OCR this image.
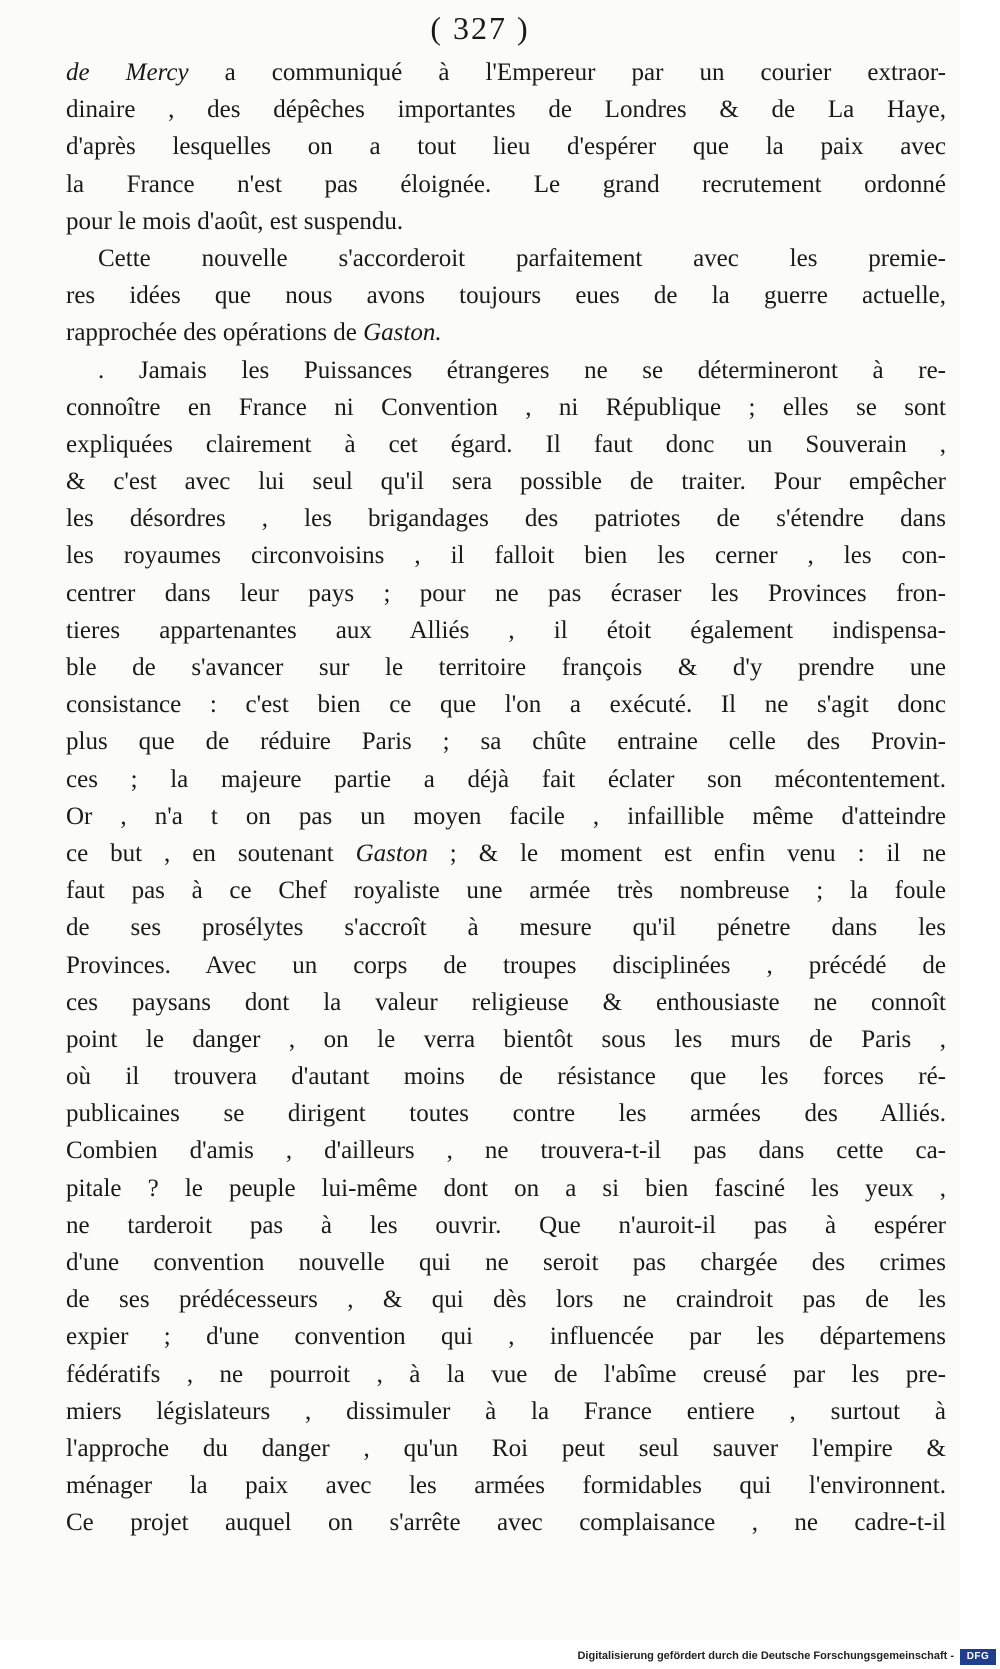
( 327 )
de Mercy a communiqué à l'Empereur par un courier extraor-
dinaire , des dépêches importantes de Londres & de La Haye,
d'après lesquelles on a tout lieu d'espérer que la paix avec
la France n'est pas éloignée. Le grand recrutement ordonné
pour le mois d'août, est suspendu.
Cette nouvelle s'accorderoit parfaitement avec les premie-
res idées que nous avons toujours eues de la guerre actuelle,
rapprochée des opérations de Gaston.
. Jamais les Puissances étrangeres ne se détermineront à re-
connoître en France ni Convention , ni République ; elles se sont
expliquées clairement à cet égard. Il faut donc un Souverain ,
& c'est avec lui seul qu'il sera possible de traiter. Pour empêcher
les désordres , les brigandages des patriotes de s'étendre dans
les royaumes circonvoisins , il falloit bien les cerner , les con-
centrer dans leur pays ; pour ne pas écraser les Provinces fron-
tieres appartenantes aux Alliés , il étoit également indispensa-
ble de s'avancer sur le territoire françois & d'y prendre une
consistance : c'est bien ce que l'on a exécuté. Il ne s'agit donc
plus que de réduire Paris ; sa chûte entraine celle des Provin-
ces ; la majeure partie a déjà fait éclater son mécontentement.
Or , n'a t on pas un moyen facile , infaillible même d'atteindre
ce but , en soutenant Gaston ; & le moment est enfin venu : il ne
faut pas à ce Chef royaliste une armée très nombreuse ; la foule
de ses prosélytes s'accroît à mesure qu'il pénetre dans les
Provinces. Avec un corps de troupes disciplinées , précédé de
ces paysans dont la valeur religieuse & enthousiaste ne connoît
point le danger , on le verra bientôt sous les murs de Paris ,
où il trouvera d'autant moins de résistance que les forces ré-
publicaines se dirigent toutes contre les armées des Alliés.
Combien d'amis , d'ailleurs , ne trouvera-t-il pas dans cette ca-
pitale ? le peuple lui-même dont on a si bien fasciné les yeux ,
ne tarderoit pas à les ouvrir. Que n'auroit-il pas à espérer
d'une convention nouvelle qui ne seroit pas chargée des crimes
de ses prédécesseurs , & qui dès lors ne craindroit pas de les
expier ; d'une convention qui , influencée par les départemens
fédératifs , ne pourroit , à la vue de l'abîme creusé par les pre-
miers législateurs , dissimuler à la France entiere , surtout à
l'approche du danger , qu'un Roi peut seul sauver l'empire &
ménager la paix avec les armées formidables qui l'environnent.
Ce projet auquel on s'arrête avec complaisance , ne cadre-t-il
Digitalisierung gefördert durch die Deutsche Forschungsgemeinschaft -	DFG
